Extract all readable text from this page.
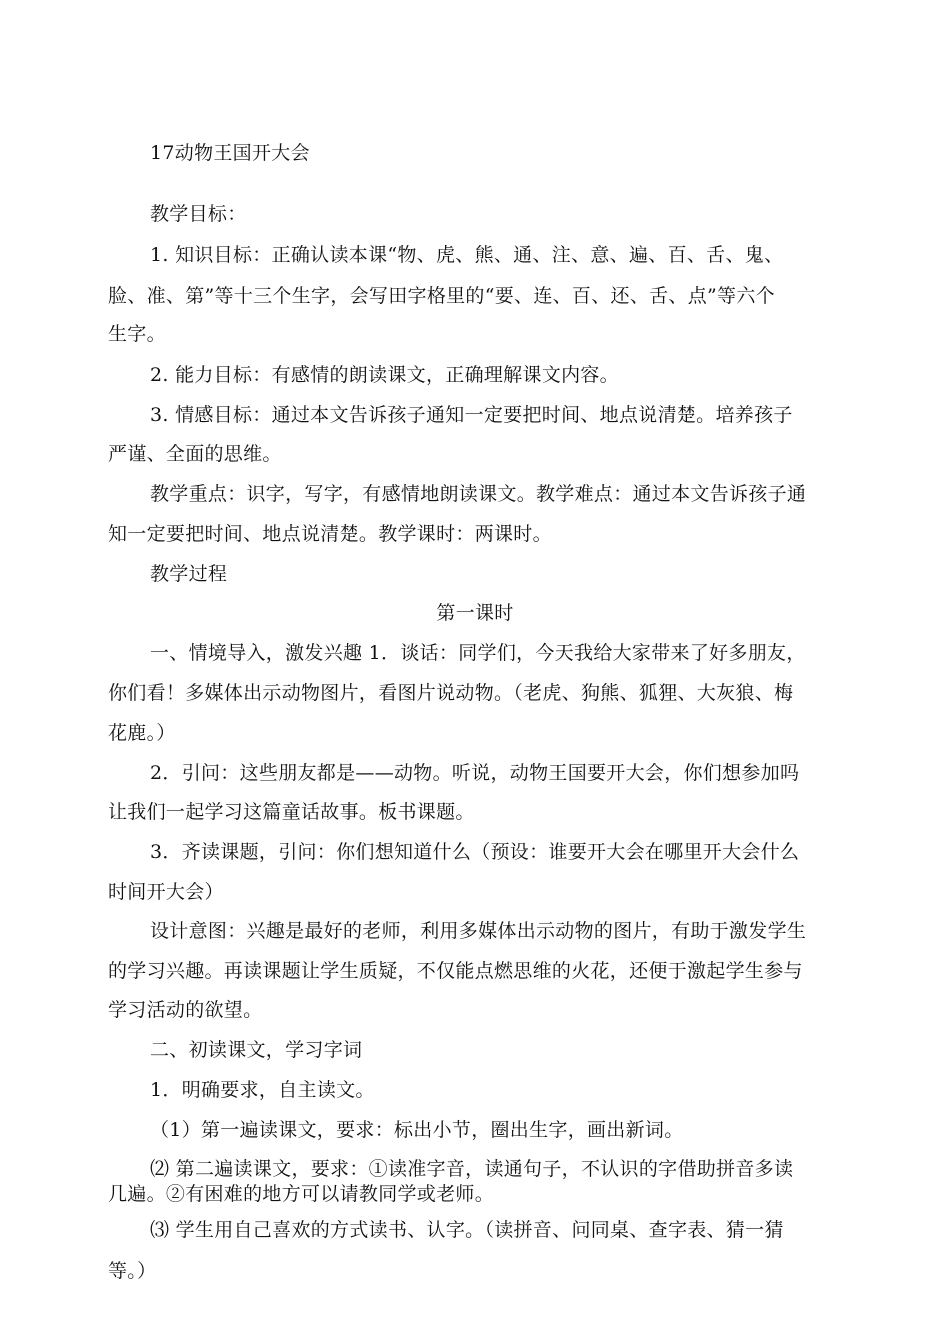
17动物王国开大会
教学目标：
1. 知识目标：正确认读本课“物、虎、熊、通、注、意、遍、百、舌、鬼、
脸、准、第”等十三个生字，会写田字格里的“要、连、百、还、舌、点”等六个
生字。
2. 能力目标：有感情的朗读课文，正确理解课文内容。
3. 情感目标：通过本文告诉孩子通知一定要把时间、地点说清楚。培养孩子
严谨、全面的思维。
教学重点：识字，写字，有感情地朗读课文。教学难点：通过本文告诉孩子通
知一定要把时间、地点说清楚。教学课时：两课时。
教学过程
第一课时
一、情境导入，激发兴趣 1．谈话：同学们，今天我给大家带来了好多朋友，
你们看！多媒体出示动物图片，看图片说动物。（老虎、狗熊、狐狸、大灰狼、梅
花鹿。）
2．引问：这些朋友都是——动物。听说，动物王国要开大会，你们想参加吗
让我们一起学习这篇童话故事。板书课题。
3．齐读课题，引问：你们想知道什么（预设：谁要开大会在哪里开大会什么
时间开大会）
设计意图：兴趣是最好的老师，利用多媒体出示动物的图片，有助于激发学生
的学习兴趣。再读课题让学生质疑，不仅能点燃思维的火花，还便于激起学生参与
学习活动的欲望。
二、初读课文，学习字词
1．明确要求，自主读文。
（1）第一遍读课文，要求：标出小节，圈出生字，画出新词。
⑵ 第二遍读课文，要求：①读准字音，读通句子，不认识的字借助拼音多读
几遍。②有困难的地方可以请教同学或老师。
⑶ 学生用自己喜欢的方式读书、认字。（读拼音、问同桌、查字表、猜一猜
等。）
